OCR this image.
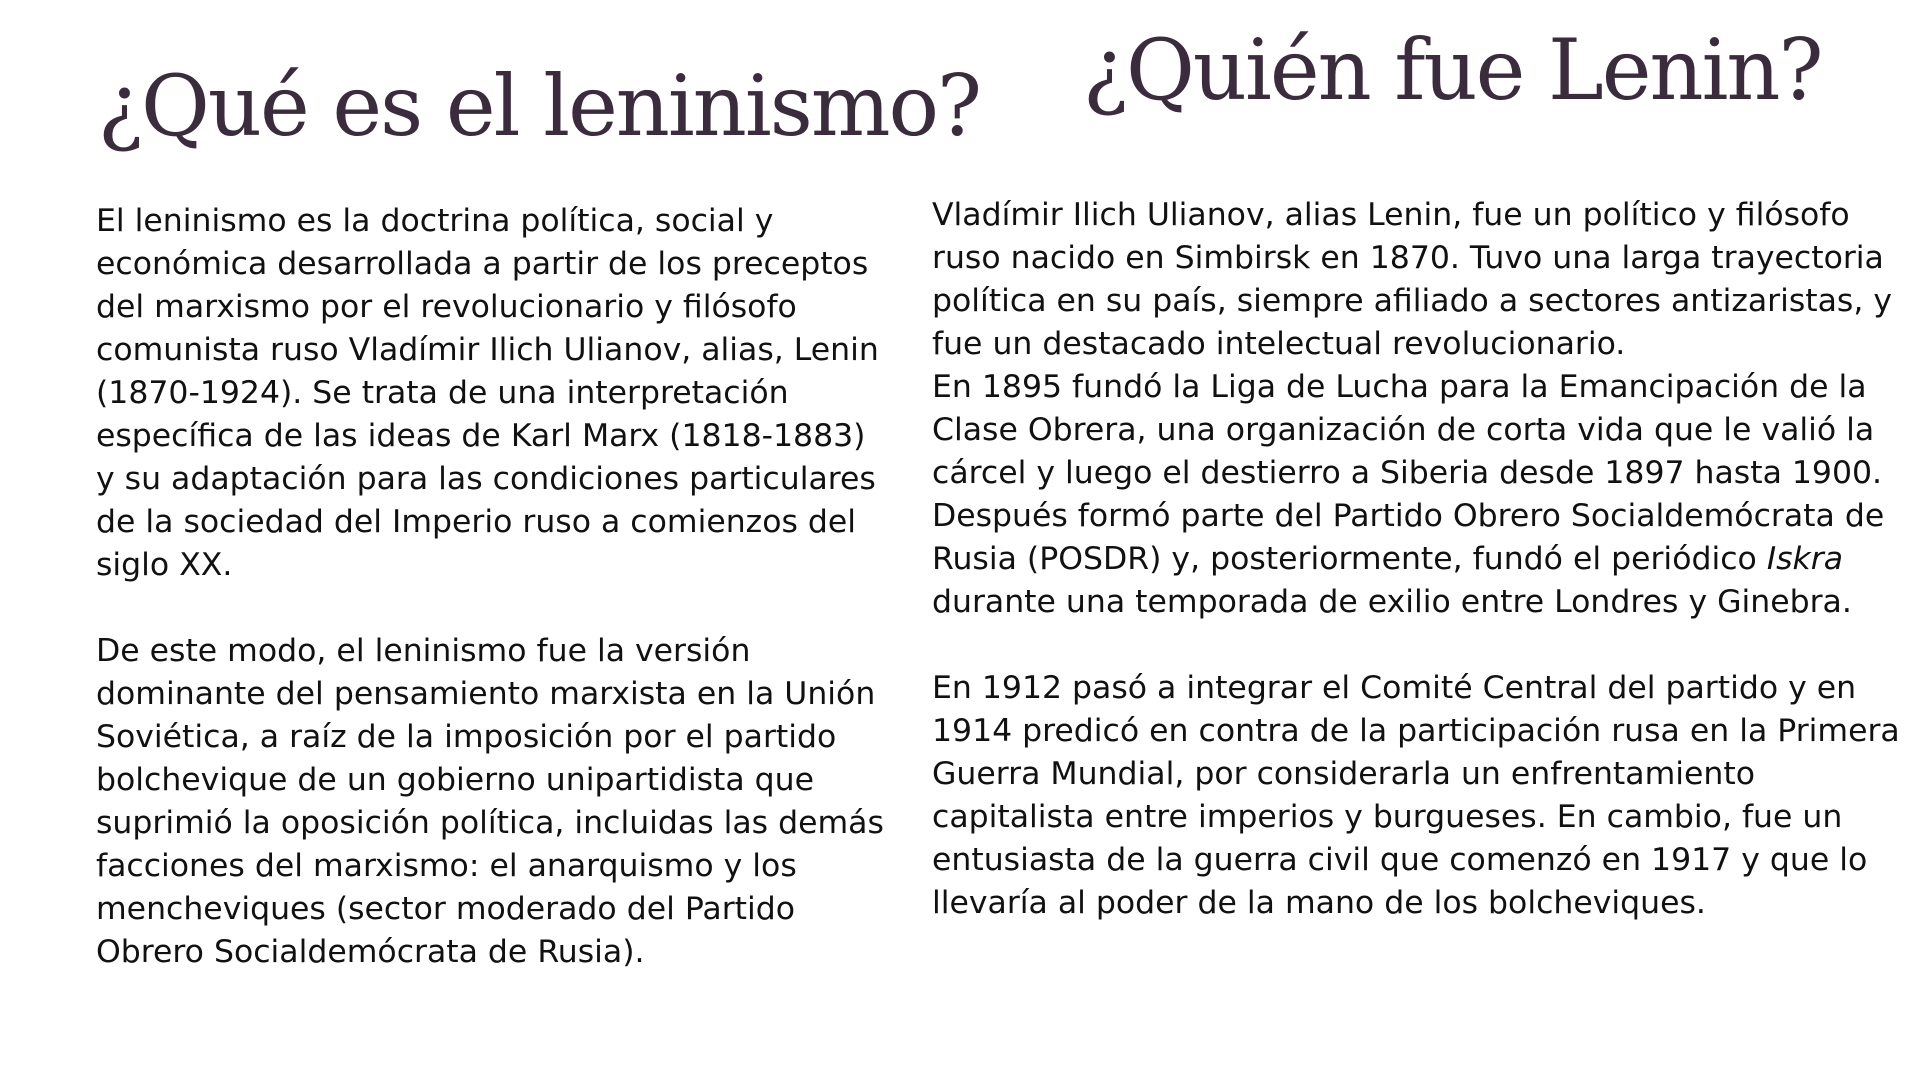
¿Qué es el leninismo? ¿Quién fue Lenin?

El leninismo es la doctrina política, social y económica desarrollada a partir de los preceptos del marxismo por el revolucionario y filósofo comunista ruso Vladímir Ilich Ulianov, alias, Lenin (1870-1924). Se trata de una interpretación específica de las ideas de Karl Marx (1818-1883) y su adaptación para las condiciones particulares de la sociedad del Imperio ruso a comienzos del siglo XX.

De este modo, el leninismo fue la versión dominante del pensamiento marxista en la Unión Soviética, a raíz de la imposición por el partido bolchevique de un gobierno unipartidista que suprimió la oposición política, incluidas las demás facciones del marxismo: el anarquismo y los mencheviques (sector moderado del Partido Obrero Socialdemócrata de Rusia).

Vladímir Ilich Ulianov, alias Lenin, fue un político y filósofo ruso nacido en Simbirsk en 1870. Tuvo una larga trayectoria política en su país, siempre afiliado a sectores antizaristas, y fue un destacado intelectual revolucionario.

En 1895 fundó la Liga de Lucha para la Emancipación de la Clase Obrera, una organización de corta vida que le valió la cárcel y luego el destierro a Siberia desde 1897 hasta 1900. Después formó parte del Partido Obrero Socialdemócrata de Rusia (POSDR) y, posteriormente, fundó el periódico Iskra durante una temporada de exilio entre Londres y Ginebra.

En 1912 pasó a integrar el Comité Central del partido y en 1914 predicó en contra de la participación rusa en la Primera Guerra Mundial, por considerarla un enfrentamiento capitalista entre imperios y burgueses. En cambio, fue un entusiasta de la guerra civil que comenzó en 1917 y que lo llevaría al poder de la mano de los bolcheviques.
